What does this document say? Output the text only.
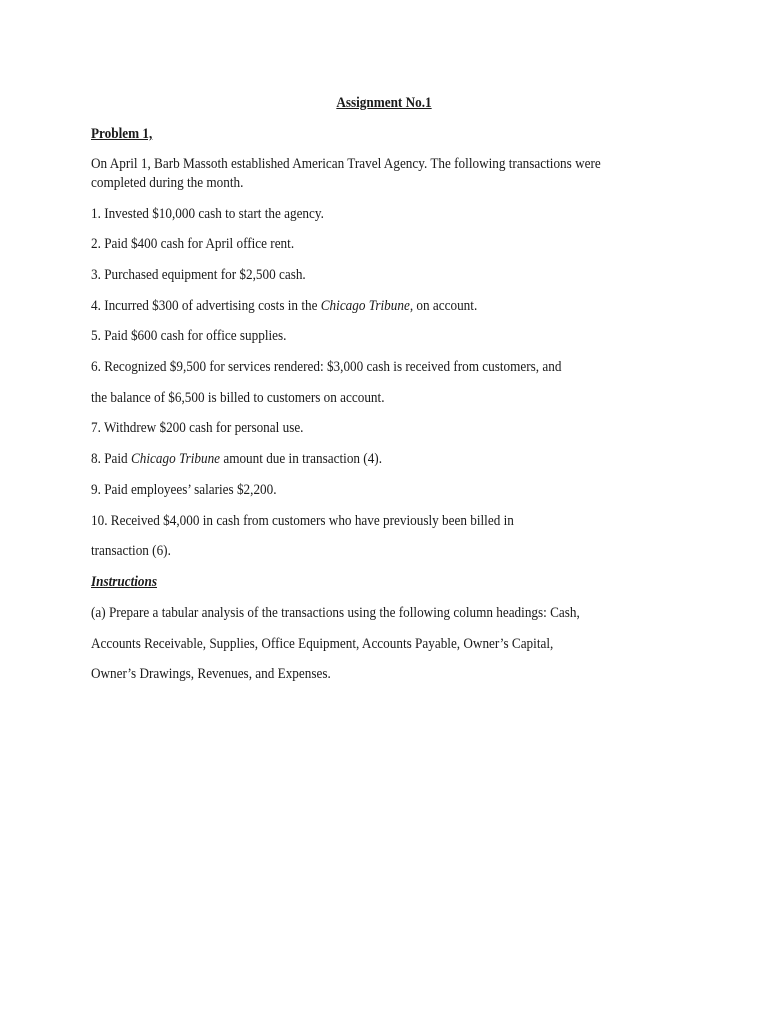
Assignment No.1
Problem 1,
On April 1, Barb Massoth established American Travel Agency. The following transactions were
completed during the month.
1. Invested $10,000 cash to start the agency.
2. Paid $400 cash for April office rent.
3. Purchased equipment for $2,500 cash.
4. Incurred $300 of advertising costs in the Chicago Tribune, on account.
5. Paid $600 cash for office supplies.
6. Recognized $9,500 for services rendered: $3,000 cash is received from customers, and
the balance of $6,500 is billed to customers on account.
7. Withdrew $200 cash for personal use.
8. Paid Chicago Tribune amount due in transaction (4).
9. Paid employees’ salaries $2,200.
10. Received $4,000 in cash from customers who have previously been billed in
transaction (6).
Instructions
(a) Prepare a tabular analysis of the transactions using the following column headings: Cash,
Accounts Receivable, Supplies, Office Equipment, Accounts Payable, Owner’s Capital,
Owner’s Drawings, Revenues, and Expenses.
